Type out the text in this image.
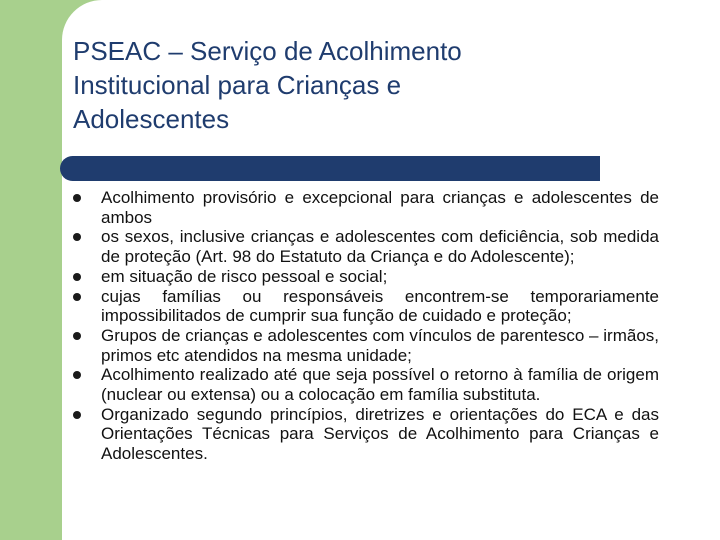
PSEAC – Serviço de Acolhimento
Institucional para Crianças e
Adolescentes
Acolhimento provisório e excepcional para crianças e adolescentes de ambos
os sexos, inclusive crianças e adolescentes com deficiência, sob medida de proteção (Art. 98 do Estatuto da Criança e do Adolescente);
em situação de risco pessoal e social;
cujas famílias ou responsáveis encontrem-se temporariamente impossibilitados de cumprir sua função de cuidado e proteção;
Grupos de crianças e adolescentes com vínculos de parentesco – irmãos, primos etc atendidos na mesma unidade;
Acolhimento realizado até que seja possível o retorno à família de origem (nuclear ou extensa) ou a colocação em família substituta.
Organizado segundo princípios, diretrizes e orientações do ECA e das Orientações Técnicas para Serviços de Acolhimento para Crianças e Adolescentes.
